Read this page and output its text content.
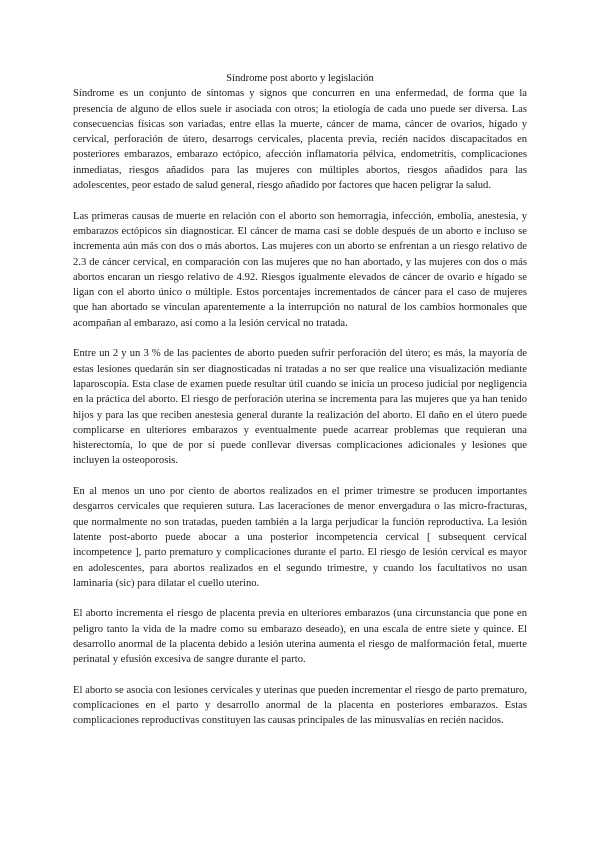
Síndrome post aborto y legislación

Síndrome es un conjunto de síntomas y signos que concurren en una enfermedad, de forma que la presencia de alguno de ellos suele ir asociada con otros; la etiología de cada uno puede ser diversa. Las consecuencias físicas son variadas, entre ellas la muerte, cáncer de mama, cáncer de ovarios, hígado y cervical, perforación de útero, desarrogs cervicales, placenta previa, recién nacidos discapacitados en posteriores embarazos, embarazo ectópico, afección inflamatoria pélvica, endometritis, complicaciones inmediatas, riesgos añadidos para las mujeres con múltiples abortos, riesgos añadidos para las adolescentes, peor estado de salud general, riesgo añadido por factores que hacen peligrar la salud.

Las primeras causas de muerte en relación con el aborto son hemorragia, infección, embolia, anestesia, y embarazos ectópicos sin diagnosticar. El cáncer de mama casi se doble después de un aborto e incluso se incrementa aún más con dos o más abortos. Las mujeres con un aborto se enfrentan a un riesgo relativo de 2.3 de cáncer cervical, en comparación con las mujeres que no han abortado, y las mujeres con dos o más abortos encaran un riesgo relativo de 4.92. Riesgos igualmente elevados de cáncer de ovario e hígado se ligan con el aborto único o múltiple. Estos porcentajes incrementados de cáncer para el caso de mujeres que han abortado se vinculan aparentemente a la interrupción no natural de los cambios hormonales que acompañan al embarazo, así como a la lesión cervical no tratada.

Entre un 2 y un 3 % de las pacientes de aborto pueden sufrir perforación del útero; es más, la mayoría de estas lesiones quedarán sin ser diagnosticadas ni tratadas a no ser que realice una visualización mediante laparoscopia. Esta clase de examen puede resultar útil cuando se inicia un proceso judicial por negligencia en la práctica del aborto. El riesgo de perforación uterina se incrementa para las mujeres que ya han tenido hijos y para las que reciben anestesia general durante la realización del aborto. El daño en el útero puede complicarse en ulteriores embarazos y eventualmente puede acarrear problemas que requieran una histerectomía, lo que de por sí puede conllevar diversas complicaciones adicionales y lesiones que incluyen la osteoporosis.

En al menos un uno por ciento de abortos realizados en el primer trimestre se producen importantes desgarros cervicales que requieren sutura. Las laceraciones de menor envergadura o las micro-fracturas, que normalmente no son tratadas, pueden también a la larga perjudicar la función reproductiva. La lesión latente post-aborto puede abocar a una posterior incompetencia cervical [ subsequent cervical incompetence ], parto prematuro y complicaciones durante el parto. El riesgo de lesión cervical es mayor en adolescentes, para abortos realizados en el segundo trimestre, y cuando los facultativos no usan laminaria (sic) para dilatar el cuello uterino.

El aborto incrementa el riesgo de placenta previa en ulteriores embarazos (una circunstancia que pone en peligro tanto la vida de la madre como su embarazo deseado), en una escala de entre siete y quince. El desarrollo anormal de la placenta debido a lesión uterina aumenta el riesgo de malformación fetal, muerte perinatal y efusión excesiva de sangre durante el parto.

El aborto se asocia con lesiones cervicales y uterinas que pueden incrementar el riesgo de parto prematuro, complicaciones en el parto y desarrollo anormal de la placenta en posteriores embarazos. Estas complicaciones reproductivas constituyen las causas principales de las minusvalías en recién nacidos.
